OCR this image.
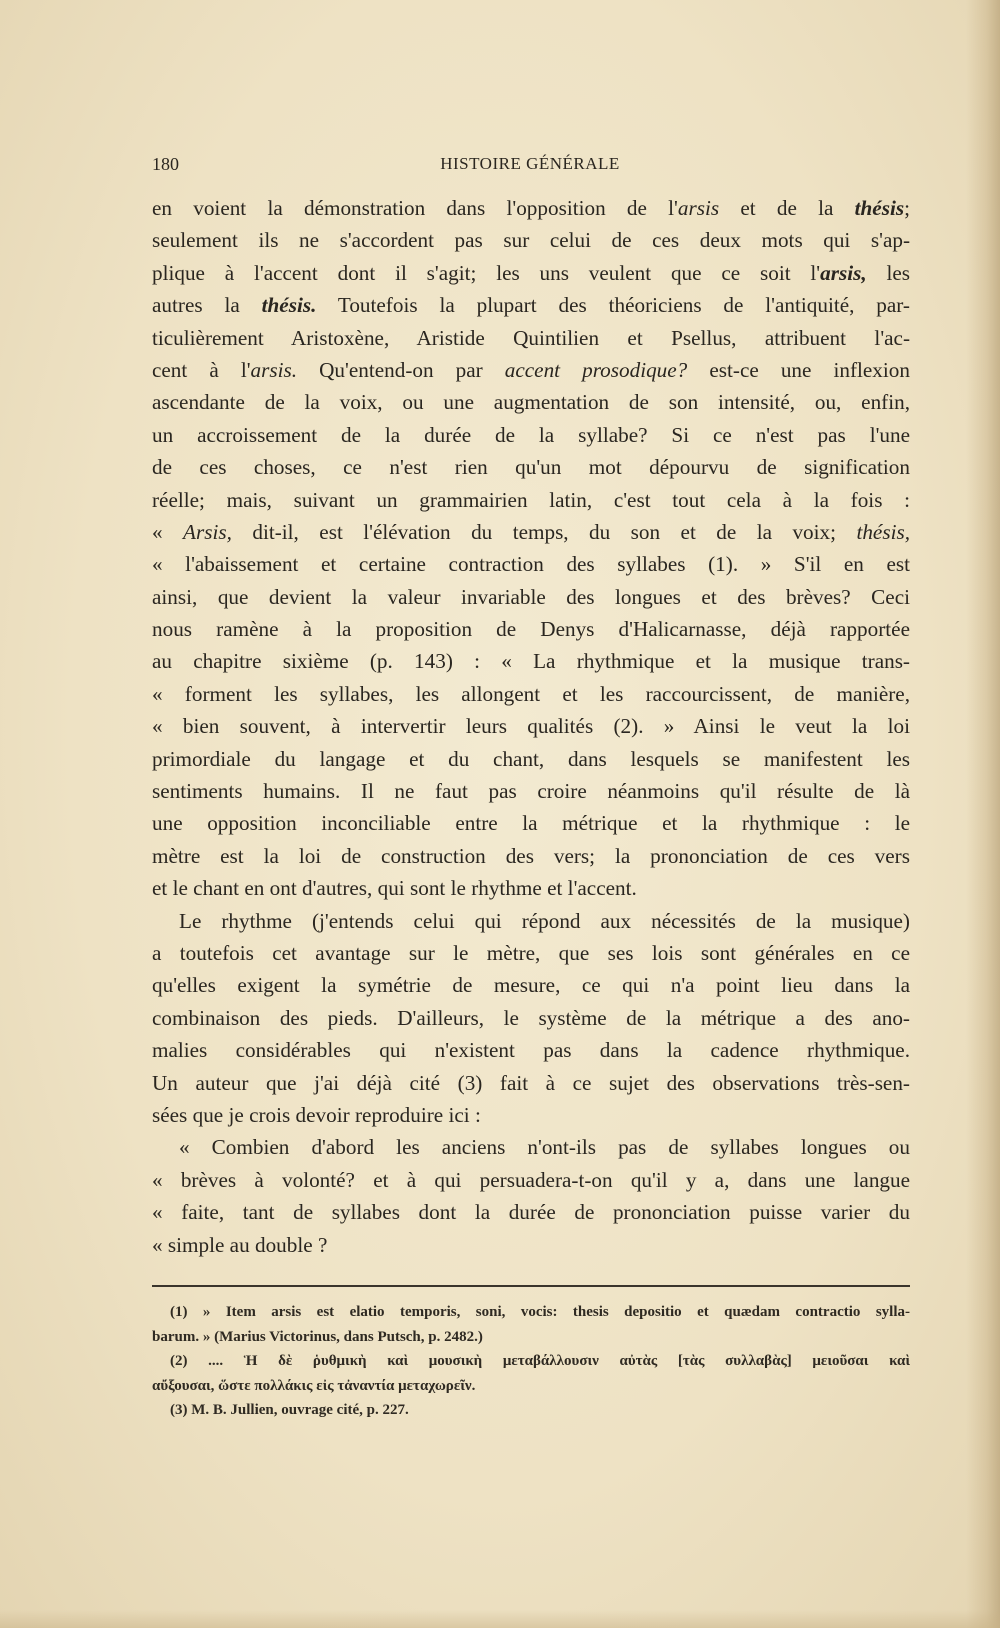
180	HISTOIRE GÉNÉRALE
en voient la démonstration dans l'opposition de l'arsis et de la thésis;
seulement ils ne s'accordent pas sur celui de ces deux mots qui s'ap-
plique à l'accent dont il s'agit; les uns veulent que ce soit l'arsis, les
autres la thésis. Toutefois la plupart des théoriciens de l'antiquité, par-
ticulièrement Aristoxène, Aristide Quintilien et Psellus, attribuent l'ac-
cent à l'arsis. Qu'entend-on par accent prosodique? est-ce une inflexion
ascendante de la voix, ou une augmentation de son intensité, ou, enfin,
un accroissement de la durée de la syllabe? Si ce n'est pas l'une
de ces choses, ce n'est rien qu'un mot dépourvu de signification
réelle; mais, suivant un grammairien latin, c'est tout cela à la fois :
« Arsis, dit-il, est l'élévation du temps, du son et de la voix; thésis,
« l'abaissement et certaine contraction des syllabes (1). » S'il en est
ainsi, que devient la valeur invariable des longues et des brèves? Ceci
nous ramène à la proposition de Denys d'Halicarnasse, déjà rapportée
au chapitre sixième (p. 143) : « La rhythmique et la musique trans-
« forment les syllabes, les allongent et les raccourcissent, de manière,
« bien souvent, à intervertir leurs qualités (2). » Ainsi le veut la loi
primordiale du langage et du chant, dans lesquels se manifestent les
sentiments humains. Il ne faut pas croire néanmoins qu'il résulte de là
une opposition inconciliable entre la métrique et la rhythmique : le
mètre est la loi de construction des vers; la prononciation de ces vers
et le chant en ont d'autres, qui sont le rhythme et l'accent.
Le rhythme (j'entends celui qui répond aux nécessités de la musique)
a toutefois cet avantage sur le mètre, que ses lois sont générales en ce
qu'elles exigent la symétrie de mesure, ce qui n'a point lieu dans la
combinaison des pieds. D'ailleurs, le système de la métrique a des ano-
malies considérables qui n'existent pas dans la cadence rhythmique.
Un auteur que j'ai déjà cité (3) fait à ce sujet des observations très-sen-
sées que je crois devoir reproduire ici :
« Combien d'abord les anciens n'ont-ils pas de syllabes longues ou
« brèves à volonté? et à qui persuadera-t-on qu'il y a, dans une langue
« faite, tant de syllabes dont la durée de prononciation puisse varier du
« simple au double ?
(1) » Item arsis est elatio temporis, soni, vocis: thesis depositio et quædam contractio sylla-
barum. » (Marius Victorinus, dans Putsch, p. 2482.)
(2) .... Ἡ δὲ ῥυθμικὴ καὶ μουσικὴ μεταβάλλουσιν αὐτὰς [τὰς συλλαβὰς] μειοῦσαι καὶ
αὔξουσαι, ὥστε πολλάκις εἰς τἀναντία μεταχωρεῖν.
(3) M. B. Jullien, ouvrage cité, p. 227.
